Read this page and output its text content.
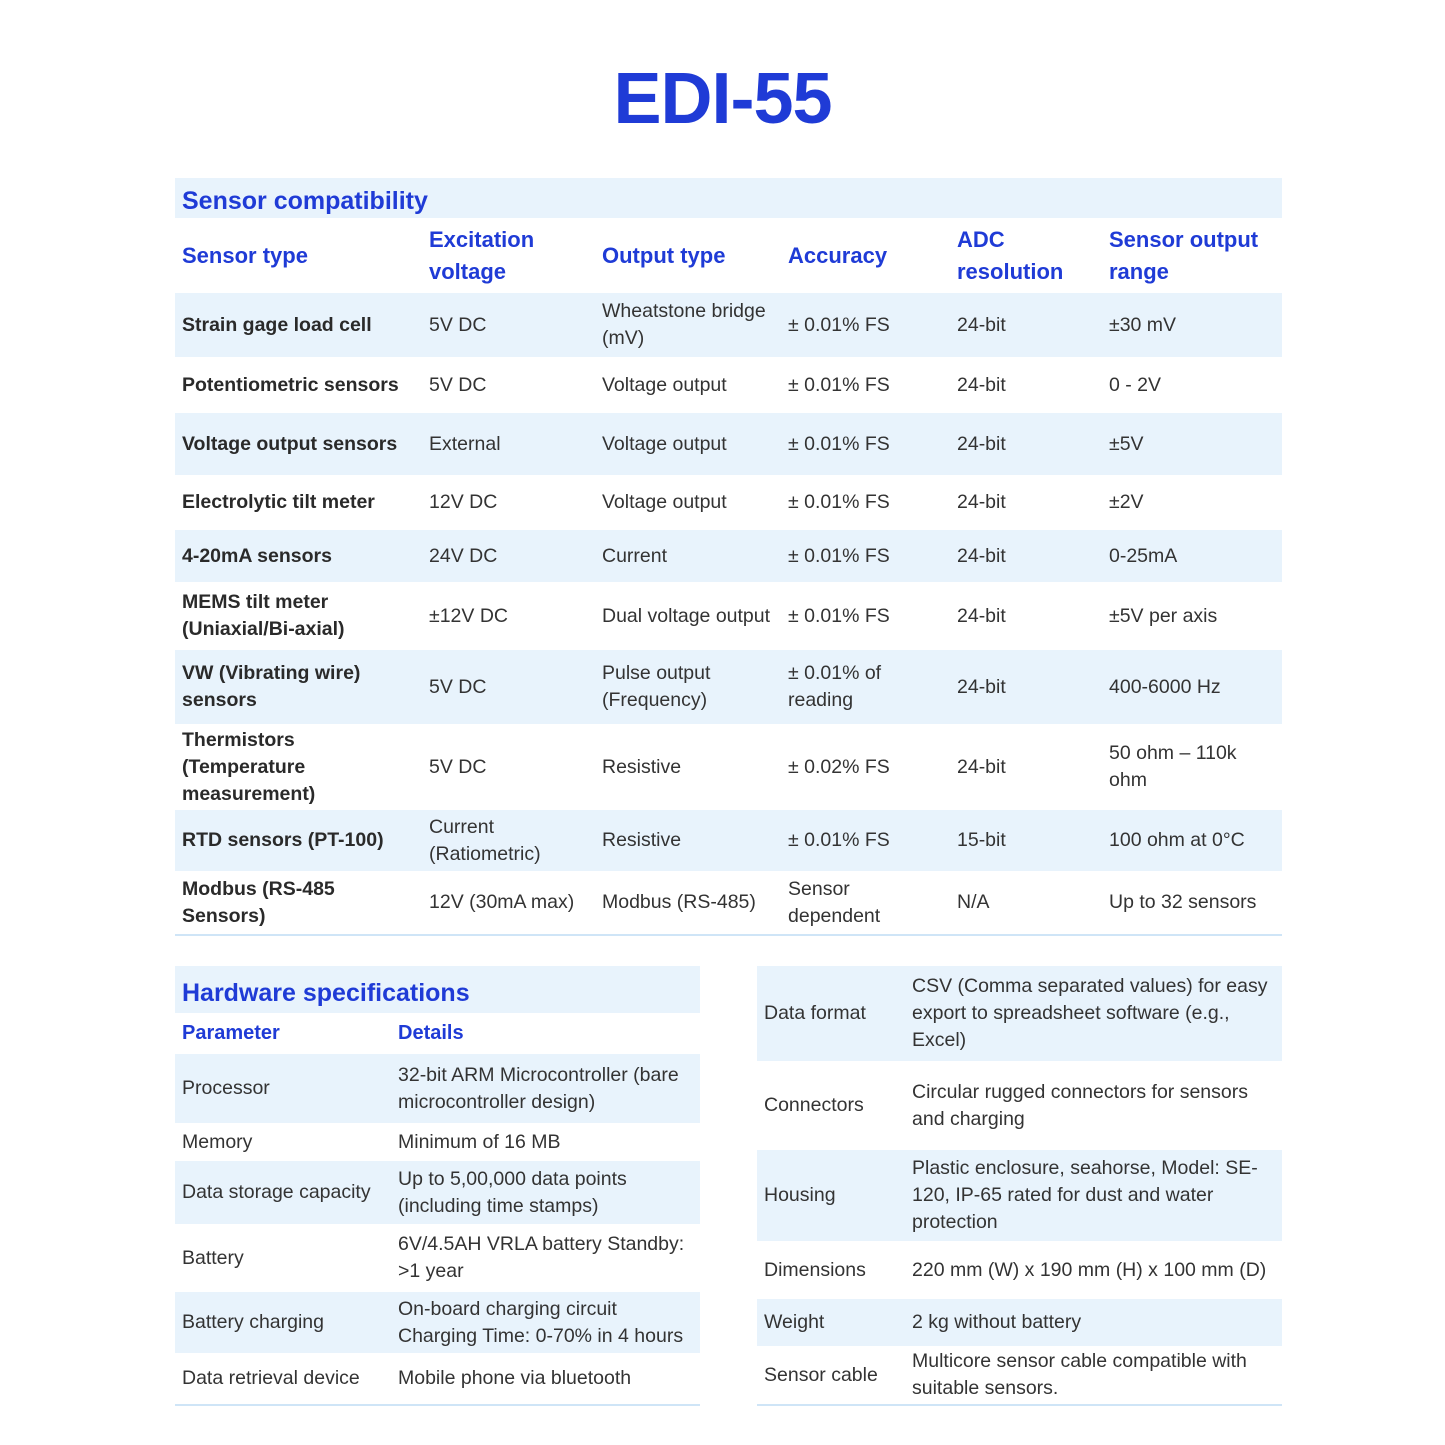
EDI-55
Sensor compatibility
Sensor type	Excitation voltage	Output type	Accuracy	ADC resolution	Sensor output range
Strain gage load cell	5V DC	Wheatstone bridge (mV)	± 0.01% FS	24-bit	±30 mV
Potentiometric sensors	5V DC	Voltage output	± 0.01% FS	24-bit	0 - 2V
Voltage output sensors	External	Voltage output	± 0.01% FS	24-bit	±5V
Electrolytic tilt meter	12V DC	Voltage output	± 0.01% FS	24-bit	±2V
4-20mA sensors	24V DC	Current	± 0.01% FS	24-bit	0-25mA
MEMS tilt meter (Uniaxial/Bi-axial)	±12V DC	Dual voltage output	± 0.01% FS	24-bit	±5V per axis
VW (Vibrating wire) sensors	5V DC	Pulse output (Frequency)	± 0.01% of reading	24-bit	400-6000 Hz
Thermistors (Temperature measurement)	5V DC	Resistive	± 0.02% FS	24-bit	50 ohm – 110k ohm
RTD sensors (PT-100)	Current (Ratiometric)	Resistive	± 0.01% FS	15-bit	100 ohm at 0°C
Modbus (RS-485 Sensors)	12V (30mA max)	Modbus (RS-485)	Sensor dependent	N/A	Up to 32 sensors
Hardware specifications
Parameter	Details
Processor	32-bit ARM Microcontroller (bare microcontroller design)
Memory	Minimum of 16 MB
Data storage capacity	Up to 5,00,000 data points (including time stamps)
Battery	6V/4.5AH VRLA battery Standby: >1 year
Battery charging	On-board charging circuit Charging Time: 0-70% in 4 hours
Data retrieval device	Mobile phone via bluetooth
Data format	CSV (Comma separated values) for easy export to spreadsheet software (e.g., Excel)
Connectors	Circular rugged connectors for sensors and charging
Housing	Plastic enclosure, seahorse, Model: SE-120, IP-65 rated for dust and water protection
Dimensions	220 mm (W) x 190 mm (H) x 100 mm (D)
Weight	2 kg without battery
Sensor cable	Multicore sensor cable compatible with suitable sensors.
